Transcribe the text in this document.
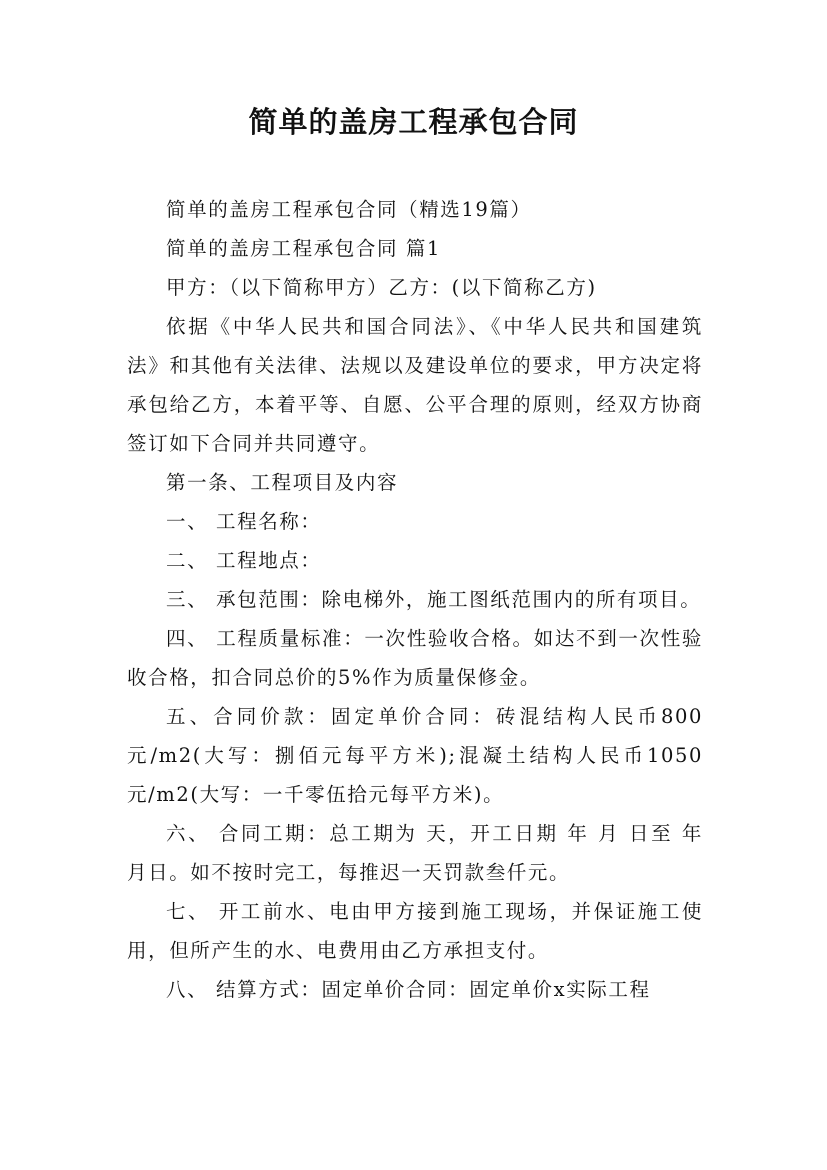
简单的盖房工程承包合同

简单的盖房工程承包合同（精选19篇）

简单的盖房工程承包合同 篇1

甲方：（以下简称甲方）乙方：(以下简称乙方)

依据《中华人民共和国合同法》、《中华人民共和国建筑法》和其他有关法律、法规以及建设单位的要求，甲方决定将承包给乙方，本着平等、自愿、公平合理的原则，经双方协商签订如下合同并共同遵守。

第一条、工程项目及内容

一、 工程名称：

二、 工程地点：

三、 承包范围：除电梯外，施工图纸范围内的所有项目。

四、 工程质量标准：一次性验收合格。如达不到一次性验收合格，扣合同总价的5%作为质量保修金。

五、合同价款：固定单价合同：砖混结构人民币800元/m2(大写：捌佰元每平方米);混凝土结构人民币1050元/m2(大写：一千零伍拾元每平方米)。

六、 合同工期：总工期为 天，开工日期 年 月 日至 年 月日。如不按时完工，每推迟一天罚款叁仟元。

七、 开工前水、电由甲方接到施工现场，并保证施工使用，但所产生的水、电费用由乙方承担支付。

八、 结算方式：固定单价合同：固定单价x实际工程
